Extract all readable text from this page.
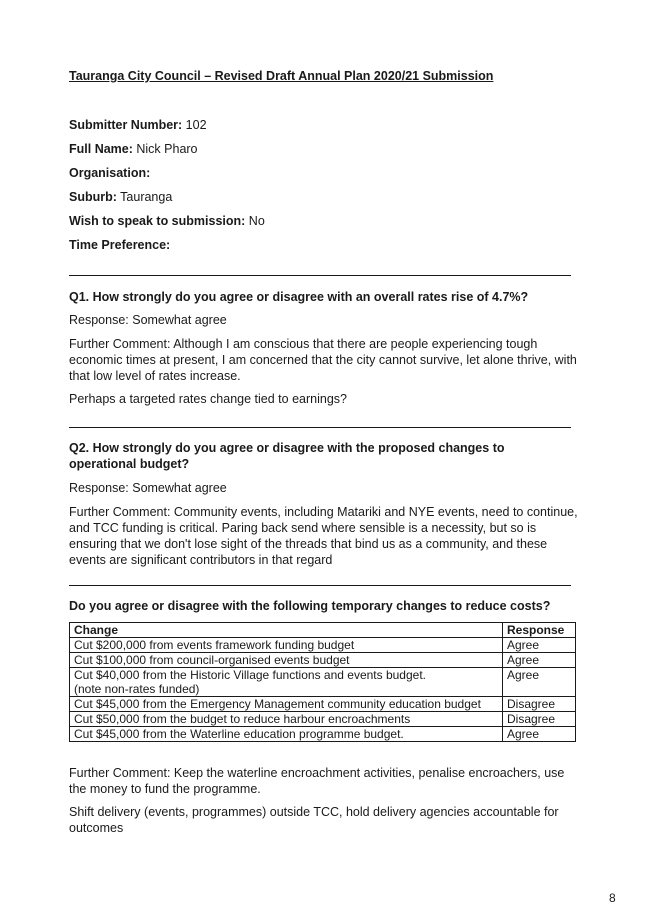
Tauranga City Council – Revised Draft Annual Plan 2020/21 Submission
Submitter Number: 102
Full Name: Nick Pharo
Organisation:
Suburb: Tauranga
Wish to speak to submission: No
Time Preference:
Q1. How strongly do you agree or disagree with an overall rates rise of 4.7%?
Response: Somewhat agree
Further Comment: Although I am conscious that there are people experiencing tough economic times at present, I am concerned that the city cannot survive, let alone thrive, with that low level of rates increase.
Perhaps a targeted rates change tied to earnings?
Q2. How strongly do you agree or disagree with the proposed changes to operational budget?
Response: Somewhat agree
Further Comment: Community events, including Matariki and NYE events, need to continue, and TCC funding is critical. Paring back send where sensible is a necessity, but so is ensuring that we don't lose sight of the threads that bind us as a community, and these events are significant contributors in that regard
Do you agree or disagree with the following temporary changes to reduce costs?
Change	Response
Cut $200,000 from events framework funding budget	Agree
Cut $100,000 from council-organised events budget	Agree

Cut $40,000 from the Historic Village functions and events budget.
(note non-rates funded)	Agree
Cut $45,000 from the Emergency Management community education budget	Disagree
Cut $50,000 from the budget to reduce harbour encroachments	Disagree
Cut $45,000 from the Waterline education programme budget.	Agree
Further Comment: Keep the waterline encroachment activities, penalise encroachers, use the money to fund the programme.
Shift delivery (events, programmes) outside TCC, hold delivery agencies accountable for outcomes
8
